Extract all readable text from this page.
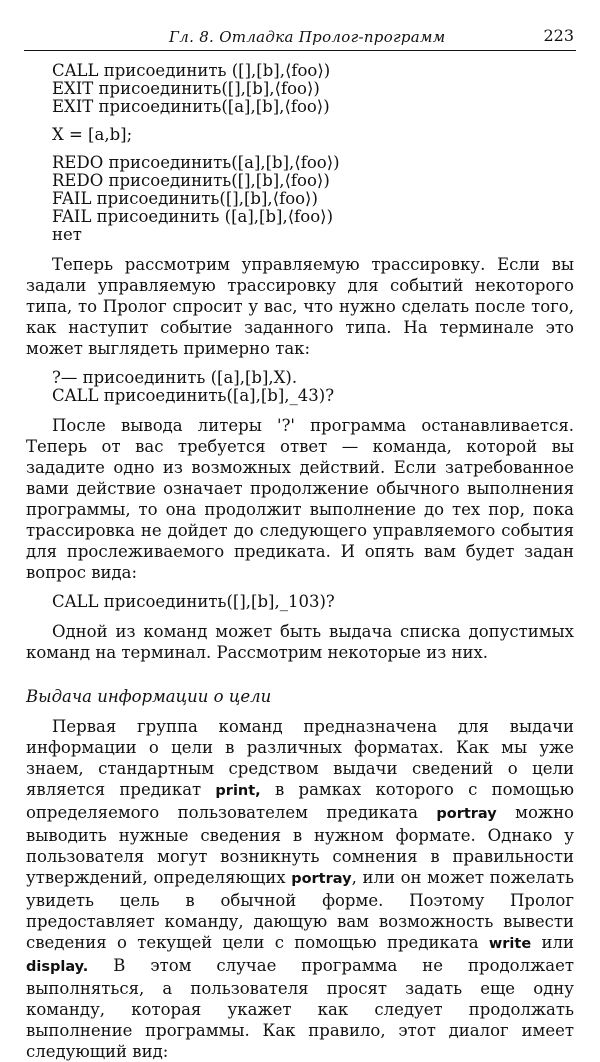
Гл. 8. Отладка Пролог-программ	223
CALL присоединить ([],[b],⟨foo⟩)
EXIT присоединить([],[b],⟨foo⟩)
EXIT присоединить([a],[b],⟨foo⟩)
X = [a,b];
REDO присоединить([a],[b],⟨foo⟩)
REDO присоединить([],[b],⟨foo⟩)
FAIL присоединить([],[b],⟨foo⟩)
FAIL присоединить ([a],[b],⟨foo⟩)
нет

Теперь рассмотрим управляемую трассировку. Если вы задали управляемую трассировку для событий некоторого типа, то Пролог спросит у вас, что нужно сделать после того, как наступит событие заданного типа. На терминале это может выглядеть примерно так:

?— присоединить ([a],[b],X).
CALL присоединить([a],[b],_43)?

После вывода литеры '?' программа останавливается. Теперь от вас требуется ответ — команда, которой вы зададите одно из возможных действий. Если затребованное вами действие означает продолжение обычного выполнения программы, то она продолжит выполнение до тех пор, пока трассировка не дойдет до следующего управляемого события для прослеживаемого предиката. И опять вам будет задан вопрос вида:

CALL присоединить([],[b],_103)?

Одной из команд может быть выдача списка допустимых команд на терминал. Рассмотрим некоторые из них.

Выдача информации о цели

Первая группа команд предназначена для выдачи информации о цели в различных форматах. Как мы уже знаем, стандартным средством выдачи сведений о цели является предикат print, в рамках которого с помощью определяемого пользователем предиката portray можно выводить нужные сведения в нужном формате. Однако у пользователя могут возникнуть сомнения в правильности утверждений, определяющих portray, или он может пожелать увидеть цель в обычной форме. Поэтому Пролог предоставляет команду, дающую вам возможность вывести сведения о текущей цели с помощью предиката write или display. В этом случае программа не продолжает выполняться, а пользователя просят задать еще одну команду, которая укажет как следует продолжать выполнение программы. Как правило, этот диалог имеет следующий вид:
